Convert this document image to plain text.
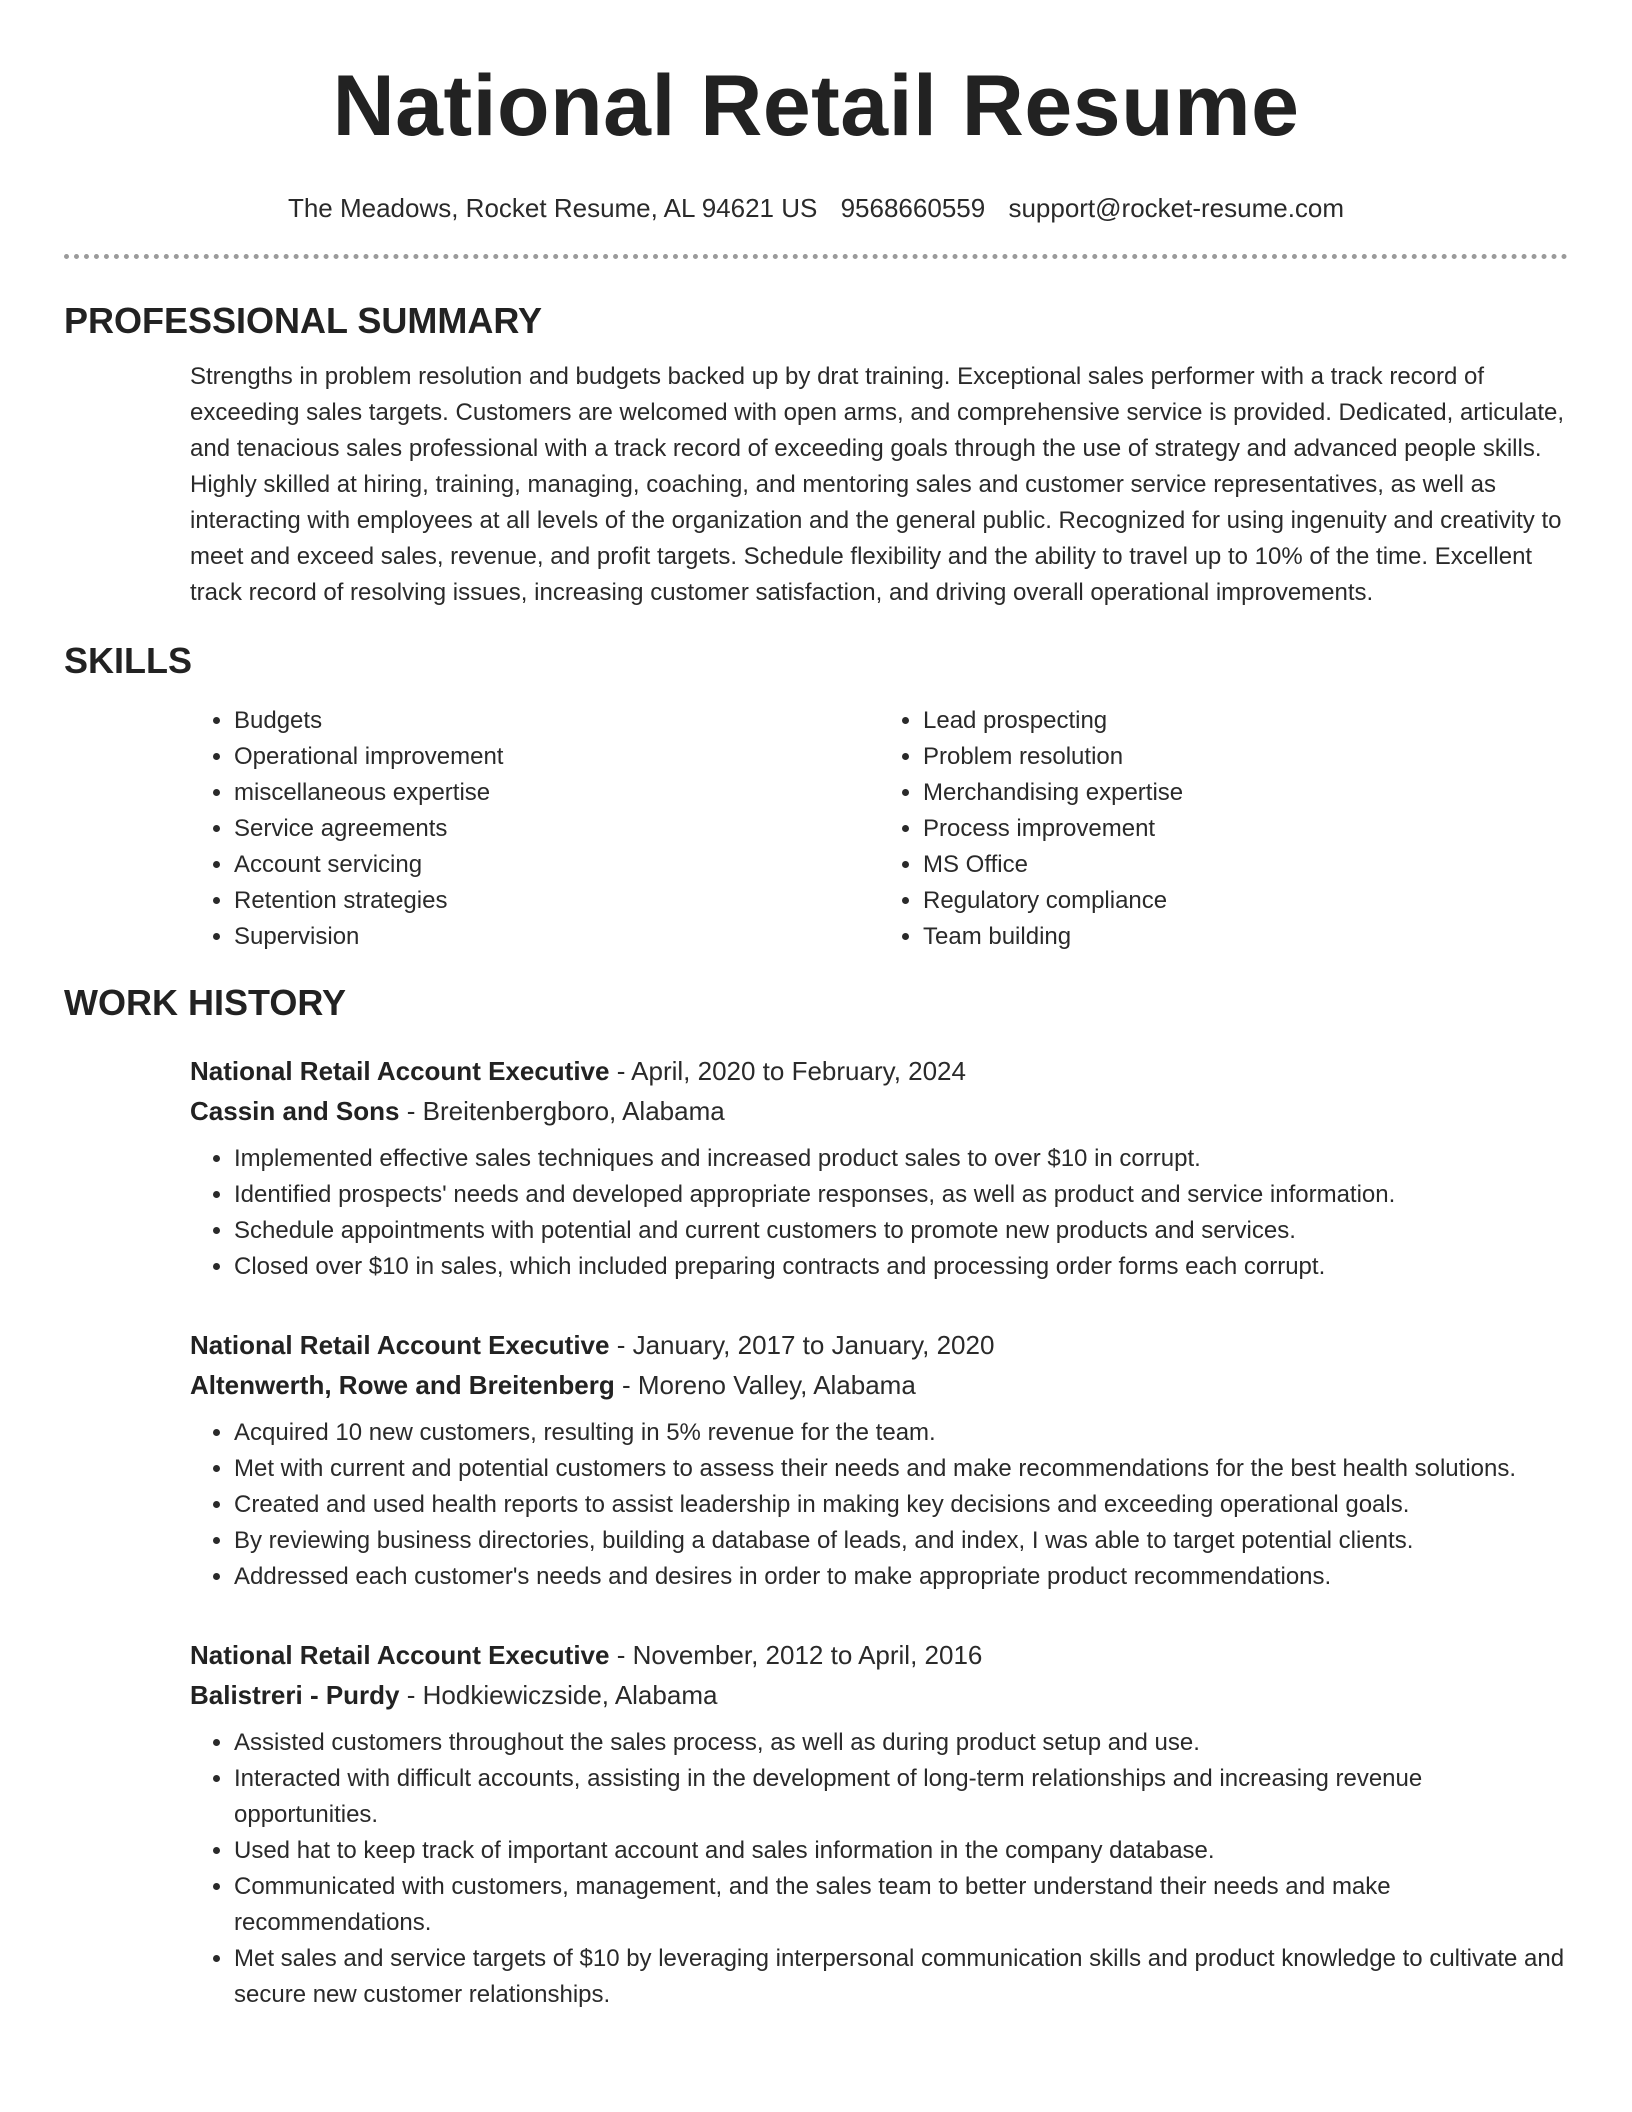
National Retail Resume
The Meadows, Rocket Resume, AL 94621 US 9568660559 support@rocket-resume.com
PROFESSIONAL SUMMARY

Strengths in problem resolution and budgets backed up by drat training. Exceptional sales performer with a track record of exceeding sales targets. Customers are welcomed with open arms, and comprehensive service is provided. Dedicated, articulate, and tenacious sales professional with a track record of exceeding goals through the use of strategy and advanced people skills. Highly skilled at hiring, training, managing, coaching, and mentoring sales and customer service representatives, as well as interacting with employees at all levels of the organization and the general public. Recognized for using ingenuity and creativity to meet and exceed sales, revenue, and profit targets. Schedule flexibility and the ability to travel up to 10% of the time. Excellent track record of resolving issues, increasing customer satisfaction, and driving overall operational improvements.

SKILLS
• Budgets
• Operational improvement
• miscellaneous expertise
• Service agreements
• Account servicing
• Retention strategies
• Supervision
• Lead prospecting
• Problem resolution
• Merchandising expertise
• Process improvement
• MS Office
• Regulatory compliance
• Team building
WORK HISTORY
National Retail Account Executive - April, 2020 to February, 2024
Cassin and Sons - Breitenbergboro, Alabama
• Implemented effective sales techniques and increased product sales to over $10 in corrupt.
• Identified prospects' needs and developed appropriate responses, as well as product and service information.
• Schedule appointments with potential and current customers to promote new products and services.
• Closed over $10 in sales, which included preparing contracts and processing order forms each corrupt.
National Retail Account Executive - January, 2017 to January, 2020
Altenwerth, Rowe and Breitenberg - Moreno Valley, Alabama
• Acquired 10 new customers, resulting in 5% revenue for the team.
• Met with current and potential customers to assess their needs and make recommendations for the best health solutions.
• Created and used health reports to assist leadership in making key decisions and exceeding operational goals.
• By reviewing business directories, building a database of leads, and index, I was able to target potential clients.
• Addressed each customer's needs and desires in order to make appropriate product recommendations.
National Retail Account Executive - November, 2012 to April, 2016
Balistreri - Purdy - Hodkiewiczside, Alabama
• Assisted customers throughout the sales process, as well as during product setup and use.
• Interacted with difficult accounts, assisting in the development of long-term relationships and increasing revenue opportunities.
• Used hat to keep track of important account and sales information in the company database.
• Communicated with customers, management, and the sales team to better understand their needs and make recommendations.
• Met sales and service targets of $10 by leveraging interpersonal communication skills and product knowledge to cultivate and secure new customer relationships.
